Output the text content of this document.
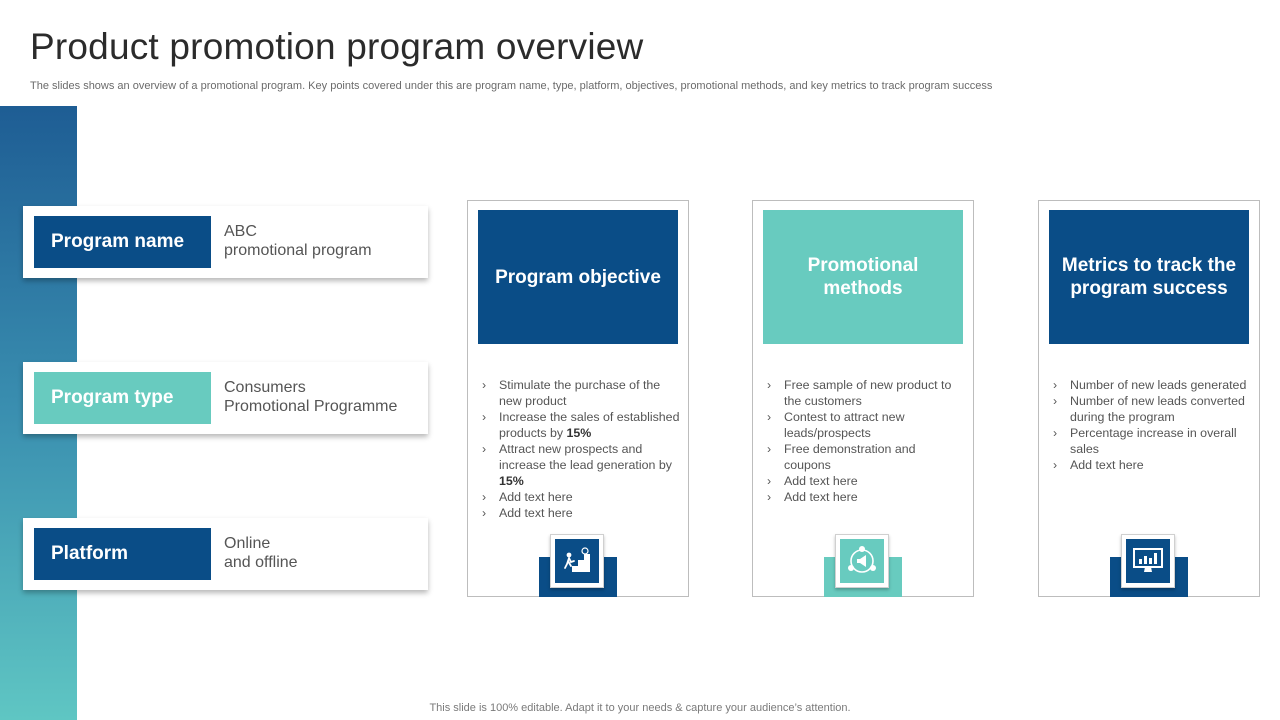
Product promotion program overview
The slides shows an overview of a promotional program. Key points covered under this are program name, type, platform, objectives, promotional methods, and key metrics to track program success
Program name	ABC
promotional program
Program type	Consumers
Promotional Programme
Platform	Online
and offline
Program objective
› Stimulate the purchase of the new product
› Increase the sales of established products by 15%
› Attract new prospects and increase the lead generation by 15%
› Add text here
› Add text here
Promotional methods
› Free sample of new product to the customers
› Contest to attract new leads/prospects
› Free demonstration and coupons
› Add text here
› Add text here
Metrics to track the program success
› Number of new leads generated
› Number of new leads converted during the program
› Percentage increase in overall sales
› Add text here
This slide is 100% editable. Adapt it to your needs & capture your audience’s attention.
